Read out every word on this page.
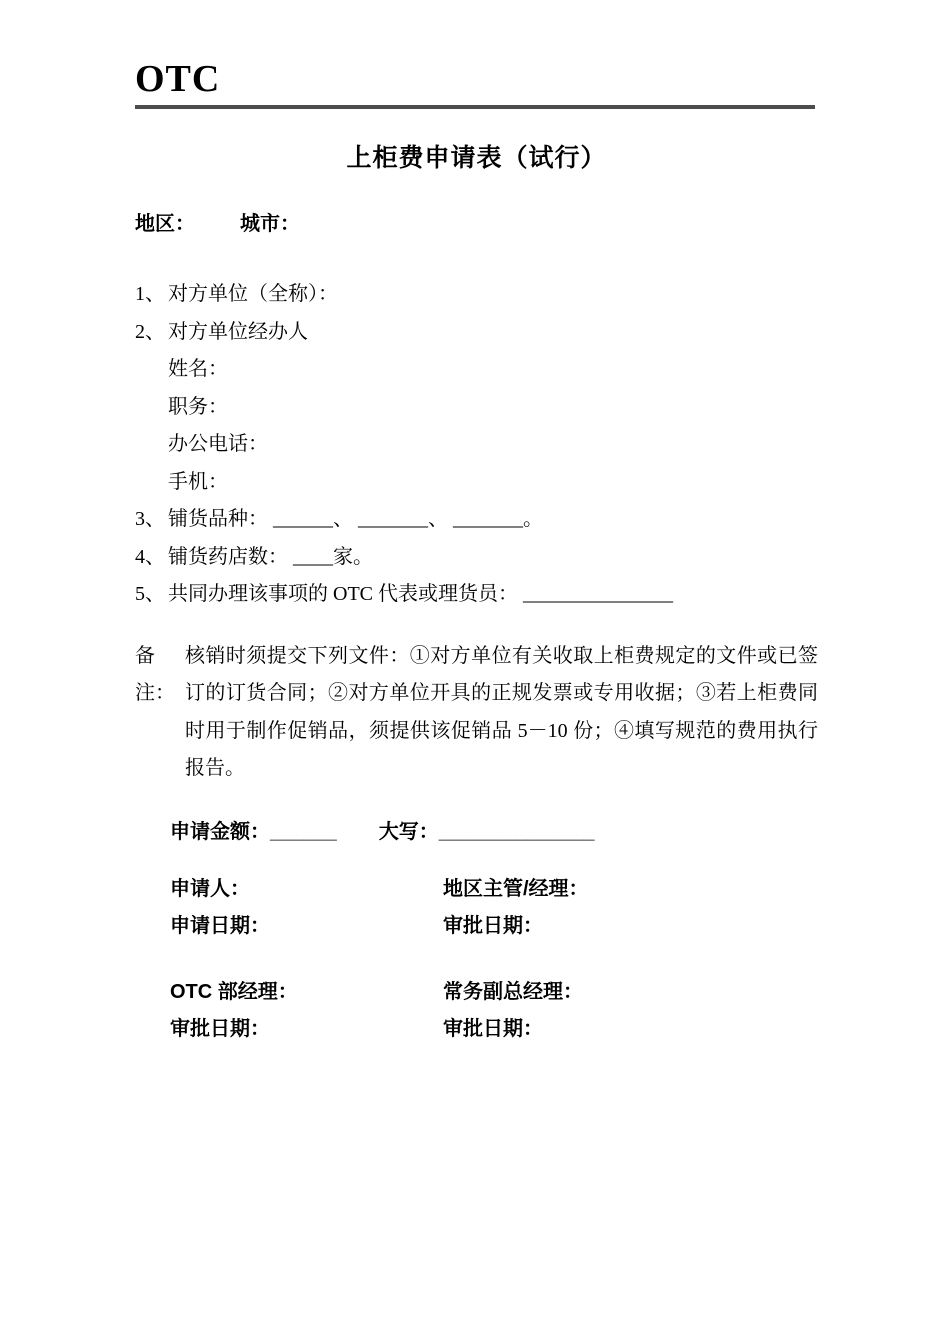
OTC
上柜费申请表（试行）
地区： 城市：
1、 对方单位（全称）：
2、 对方单位经办人
姓名：
职务：
办公电话：
手机：
3、 铺货品种： ______、 _______、 _______。
4、 铺货药店数： ____家。
5、 共同办理该事项的 OTC 代表或理货员： _______________
备注：
核销时须提交下列文件：①对方单位有关收取上柜费规定的文件或已签订的订货合同；②对方单位开具的正规发票或专用收据；③若上柜费同时用于制作促销品，须提供该促销品 5－10 份；④填写规范的费用执行报告。
申请金额：______ 大写：______________
申请人：	地区主管/经理：
申请日期：	审批日期：
OTC 部经理：	常务副总经理：
审批日期：	审批日期：
